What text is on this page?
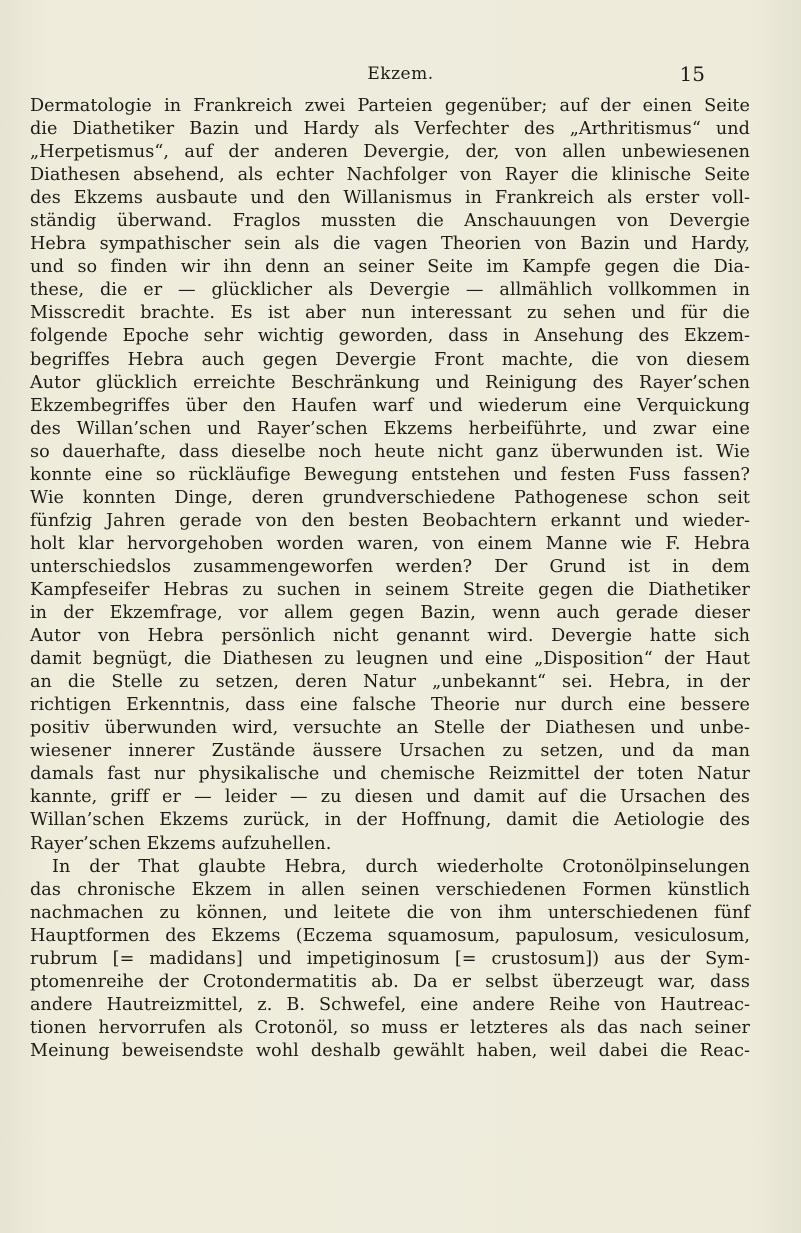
Ekzem.	15
Dermatologie in Frankreich zwei Parteien gegenüber; auf der einen Seite
die Diathetiker Bazin und Hardy als Verfechter des „Arthritismus“ und
„Herpetismus“, auf der anderen Devergie, der, von allen unbewiesenen
Diathesen absehend, als echter Nachfolger von Rayer die klinische Seite
des Ekzems ausbaute und den Willanismus in Frankreich als erster voll-
ständig überwand. Fraglos mussten die Anschauungen von Devergie
Hebra sympathischer sein als die vagen Theorien von Bazin und Hardy,
und so finden wir ihn denn an seiner Seite im Kampfe gegen die Dia-
these, die er — glücklicher als Devergie — allmählich vollkommen in
Misscredit brachte. Es ist aber nun interessant zu sehen und für die
folgende Epoche sehr wichtig geworden, dass in Ansehung des Ekzem-
begriffes Hebra auch gegen Devergie Front machte, die von diesem
Autor glücklich erreichte Beschränkung und Reinigung des Rayer’schen
Ekzembegriffes über den Haufen warf und wiederum eine Verquickung
des Willan’schen und Rayer’schen Ekzems herbeiführte, und zwar eine
so dauerhafte, dass dieselbe noch heute nicht ganz überwunden ist. Wie
konnte eine so rückläufige Bewegung entstehen und festen Fuss fassen?
Wie konnten Dinge, deren grundverschiedene Pathogenese schon seit
fünfzig Jahren gerade von den besten Beobachtern erkannt und wieder-
holt klar hervorgehoben worden waren, von einem Manne wie F. Hebra
unterschiedslos zusammengeworfen werden? Der Grund ist in dem
Kampfeseifer Hebras zu suchen in seinem Streite gegen die Diathetiker
in der Ekzemfrage, vor allem gegen Bazin, wenn auch gerade dieser
Autor von Hebra persönlich nicht genannt wird. Devergie hatte sich
damit begnügt, die Diathesen zu leugnen und eine „Disposition“ der Haut
an die Stelle zu setzen, deren Natur „unbekannt“ sei. Hebra, in der
richtigen Erkenntnis, dass eine falsche Theorie nur durch eine bessere
positiv überwunden wird, versuchte an Stelle der Diathesen und unbe-
wiesener innerer Zustände äussere Ursachen zu setzen, und da man
damals fast nur physikalische und chemische Reizmittel der toten Natur
kannte, griff er — leider — zu diesen und damit auf die Ursachen des
Willan’schen Ekzems zurück, in der Hoffnung, damit die Aetiologie des
Rayer’schen Ekzems aufzuhellen.
In der That glaubte Hebra, durch wiederholte Crotonölpinselungen
das chronische Ekzem in allen seinen verschiedenen Formen künstlich
nachmachen zu können, und leitete die von ihm unterschiedenen fünf
Hauptformen des Ekzems (Eczema squamosum, papulosum, vesiculosum,
rubrum [= madidans] und impetiginosum [= crustosum]) aus der Sym-
ptomenreihe der Crotondermatitis ab. Da er selbst überzeugt war, dass
andere Hautreizmittel, z. B. Schwefel, eine andere Reihe von Hautreac-
tionen hervorrufen als Crotonöl, so muss er letzteres als das nach seiner
Meinung beweisendste wohl deshalb gewählt haben, weil dabei die Reac-
